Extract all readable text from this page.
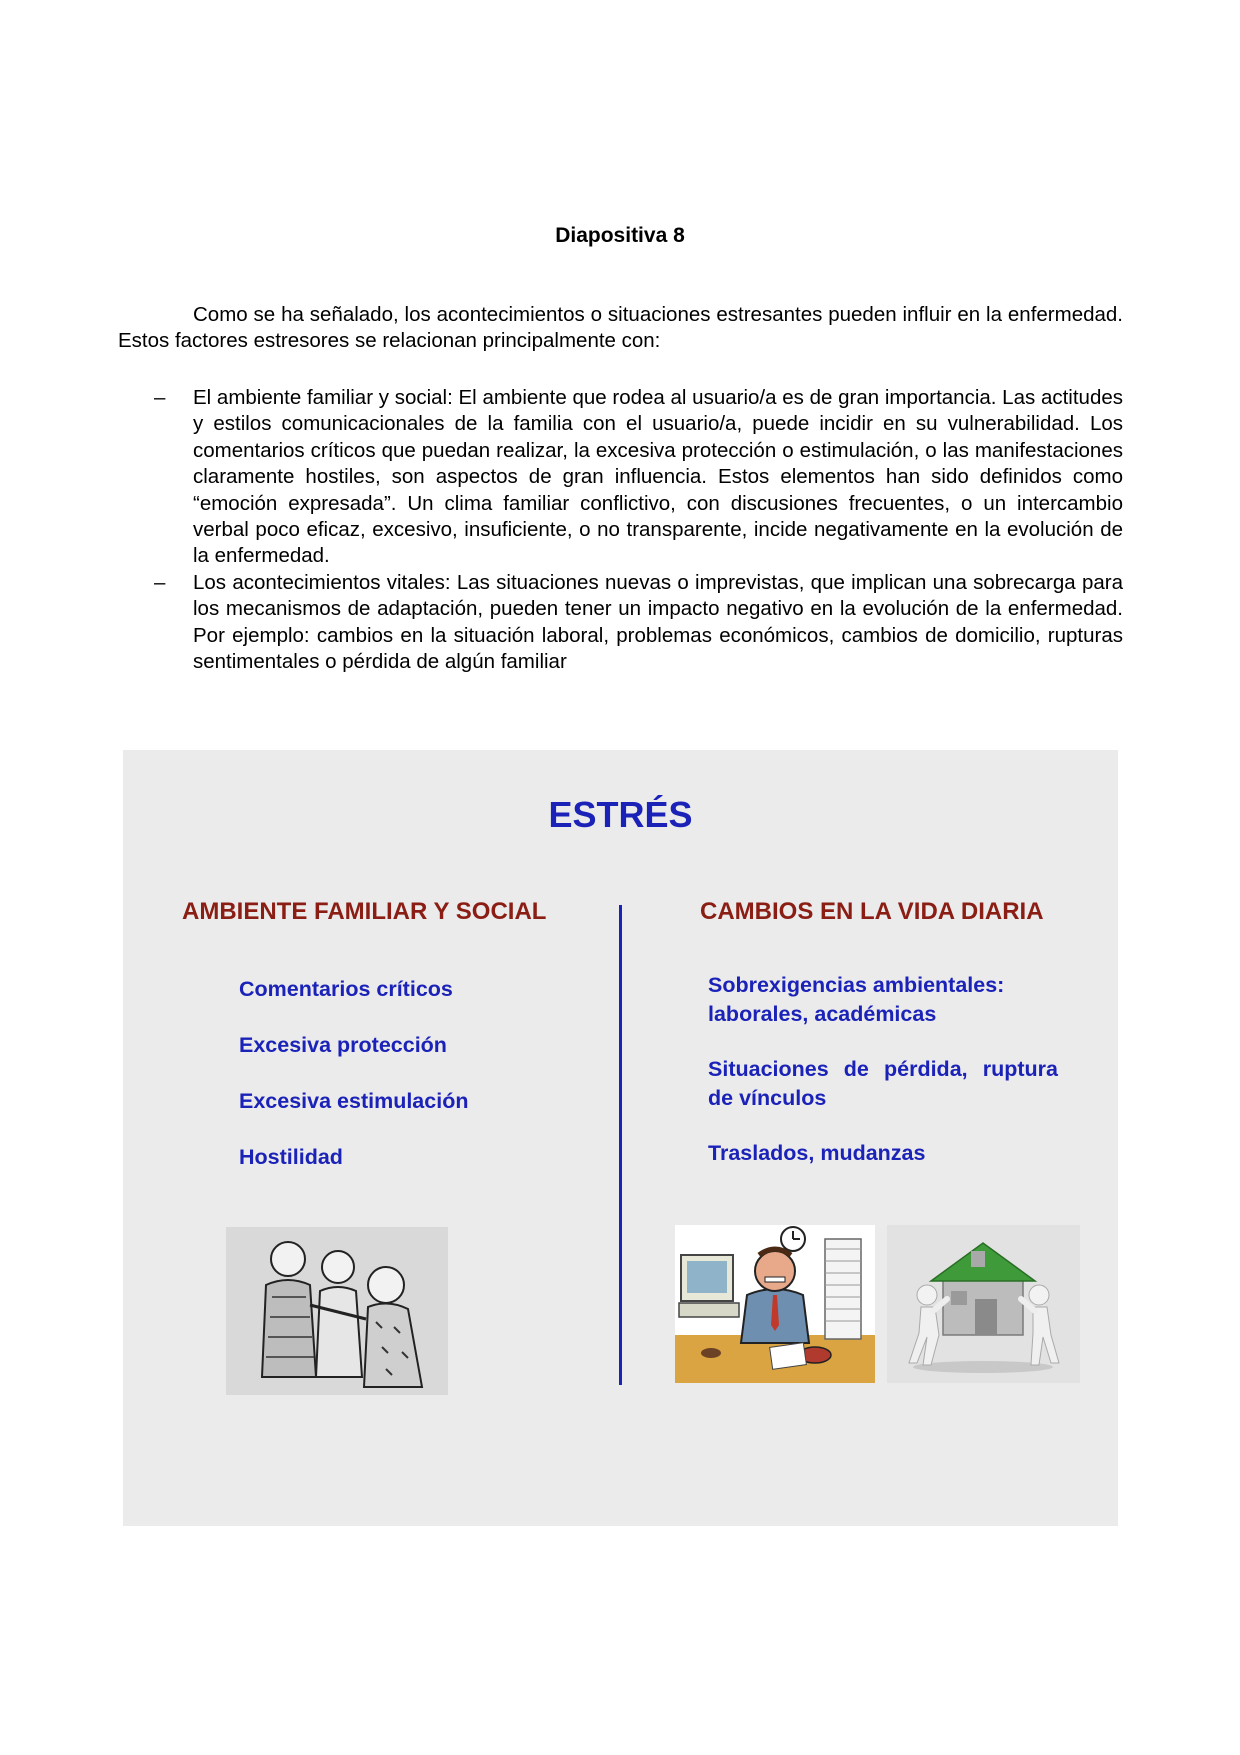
Diapositiva 8

Como se ha señalado, los acontecimientos o situaciones estresantes pueden influir en la enfermedad. Estos factores estresores se relacionan principalmente con:

– El ambiente familiar y social: El ambiente que rodea al usuario/a es de gran importancia. Las actitudes y estilos comunicacionales de la familia con el usuario/a, puede incidir en su vulnerabilidad. Los comentarios críticos que puedan realizar, la excesiva protección o estimulación, o las manifestaciones claramente hostiles, son aspectos de gran influencia. Estos elementos han sido definidos como “emoción expresada”. Un clima familiar conflictivo, con discusiones frecuentes, o un intercambio verbal poco eficaz, excesivo, insuficiente, o no transparente, incide negativamente en la evolución de la enfermedad.
– Los acontecimientos vitales: Las situaciones nuevas o imprevistas, que implican una sobrecarga para los mecanismos de adaptación, pueden tener un impacto negativo en la evolución de la enfermedad. Por ejemplo: cambios en la situación laboral, problemas económicos, cambios de domicilio, rupturas sentimentales o pérdida de algún familiar
ESTRÉS
AMBIENTE FAMILIAR Y SOCIAL	CAMBIOS EN LA VIDA DIARIA
Comentarios críticos
Excesiva protección
Excesiva estimulación
Hostilidad
Sobrexigencias ambientales: laborales, académicas
Situaciones de pérdida, ruptura de vínculos
Traslados, mudanzas
